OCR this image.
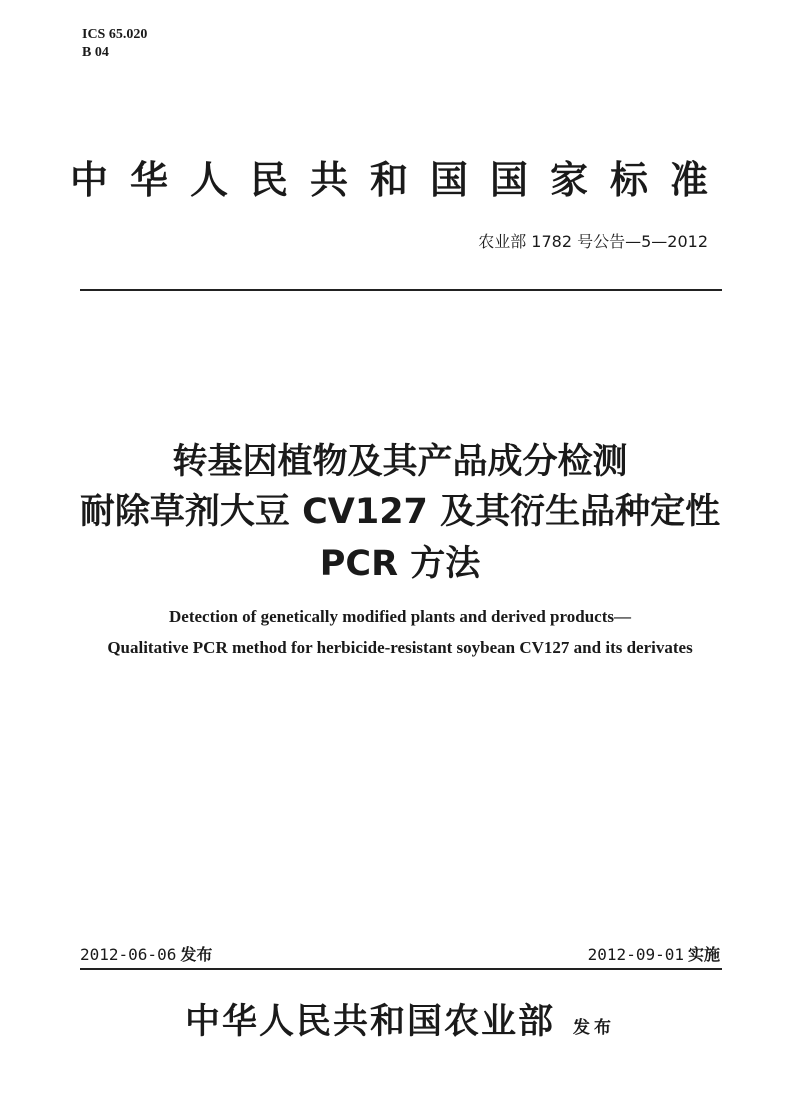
ICS 65.020
B 04
中华人民共和国国家标准
农业部 1782 号公告—5—2012
转基因植物及其产品成分检测
耐除草剂大豆 CV127 及其衍生品种定性
PCR 方法
Detection of genetically modified plants and derived products—
Qualitative PCR method for herbicide-resistant soybean CV127 and its derivates
2012-06-06 发布	2012-09-01 实施
中华人民共和国农业部 发布
